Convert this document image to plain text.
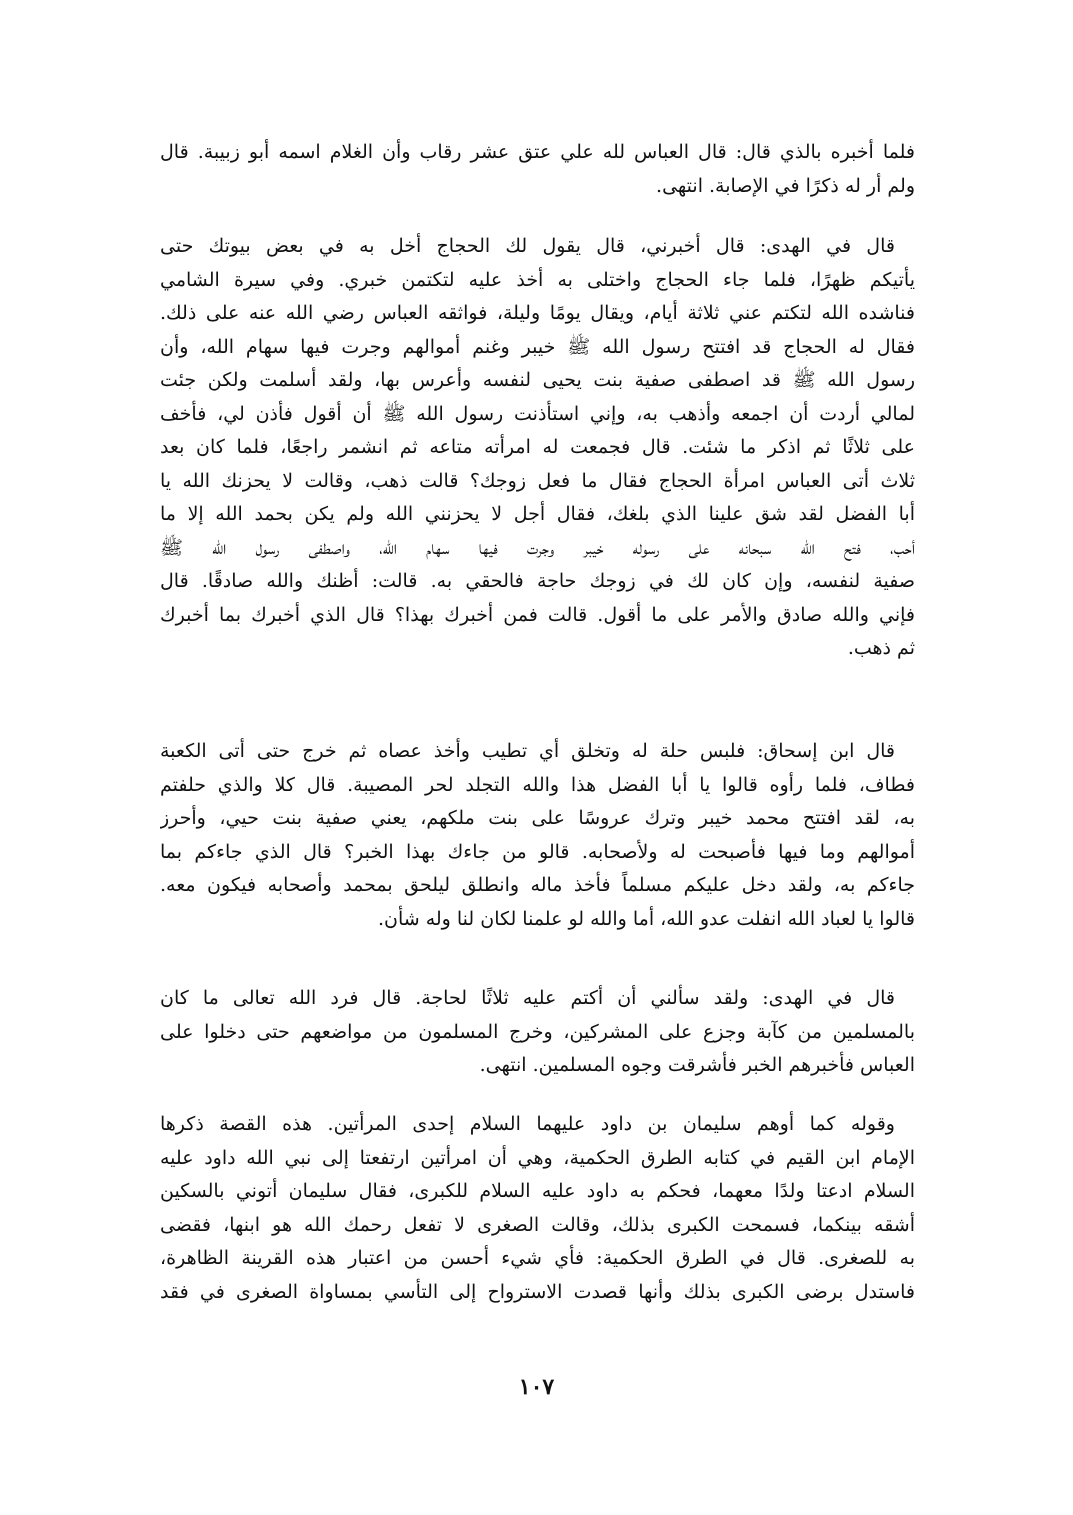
فلما أخبره بالذي قال: قال العباس لله علي عتق عشر رقاب وأن الغلام اسمه أبو زبيبة. قال
ولم أر له ذكرًا في الإصابة. انتهى.
قال في الهدى: قال أخبرني، قال يقول لك الحجاج أخل به في بعض بيوتك حتى
يأتيكم ظهرًا، فلما جاء الحجاج واختلى به أخذ عليه لتكتمن خبري. وفي سيرة الشامي
فناشده الله لتكتم عني ثلاثة أيام، ويقال يومًا وليلة، فواثقه العباس رضي الله عنه على ذلك.
فقال له الحجاج قد افتتح رسول الله ﷺ خيبر وغنم أموالهم وجرت فيها سهام الله، وأن
رسول الله ﷺ قد اصطفى صفية بنت يحيى لنفسه وأعرس بها، ولقد أسلمت ولكن جئت
لمالي أردت أن اجمعه وأذهب به، وإني استأذنت رسول الله ﷺ أن أقول فأذن لي، فأخف
على ثلاثًا ثم اذكر ما شئت. قال فجمعت له امرأته متاعه ثم انشمر راجعًا، فلما كان بعد
ثلاث أتى العباس امرأة الحجاج فقال ما فعل زوجك؟ قالت ذهب، وقالت لا يحزنك الله يا
أبا الفضل لقد شق علينا الذي بلغك، فقال أجل لا يحزنني الله ولم يكن بحمد الله إلا ما
أحب، فتح الله سبحانه على رسوله خيبر وجرت فيها سهام الله، واصطفى رسول الله ﷺ
صفية لنفسه، وإن كان لك في زوجك حاجة فالحقي به. قالت: أظنك والله صادقًا. قال
فإني والله صادق والأمر على ما أقول. قالت فمن أخبرك بهذا؟ قال الذي أخبرك بما أخبرك
ثم ذهب.
قال ابن إسحاق: فلبس حلة له وتخلق أي تطيب وأخذ عصاه ثم خرج حتى أتى الكعبة
فطاف، فلما رأوه قالوا يا أبا الفضل هذا والله التجلد لحر المصيبة. قال كلا والذي حلفتم
به، لقد افتتح محمد خيبر وترك عروسًا على بنت ملكهم، يعني صفية بنت حيي، وأحرز
أموالهم وما فيها فأصبحت له ولأصحابه. قالو من جاءك بهذا الخبر؟ قال الذي جاءكم بما
جاءكم به، ولقد دخل عليكم مسلماً فأخذ ماله وانطلق ليلحق بمحمد وأصحابه فيكون معه.
قالوا يا لعباد الله انفلت عدو الله، أما والله لو علمنا لكان لنا وله شأن.
قال في الهدى: ولقد سألني أن أكتم عليه ثلاثًا لحاجة. قال فرد الله تعالى ما كان
بالمسلمين من كآبة وجزع على المشركين، وخرج المسلمون من مواضعهم حتى دخلوا على
العباس فأخبرهم الخبر فأشرقت وجوه المسلمين. انتهى.
وقوله كما أوهم سليمان بن داود عليهما السلام إحدى المرأتين. هذه القصة ذكرها
الإمام ابن القيم في كتابه الطرق الحكمية، وهي أن امرأتين ارتفعتا إلى نبي الله داود عليه
السلام ادعتا ولدًا معهما، فحكم به داود عليه السلام للكبرى، فقال سليمان أتوني بالسكين
أشقه بينكما، فسمحت الكبرى بذلك، وقالت الصغرى لا تفعل رحمك الله هو ابنها، فقضى
به للصغرى. قال في الطرق الحكمية: فأي شيء أحسن من اعتبار هذه القرينة الظاهرة،
فاستدل برضى الكبرى بذلك وأنها قصدت الاسترواح إلى التأسي بمساواة الصغرى في فقد
١٠٧
